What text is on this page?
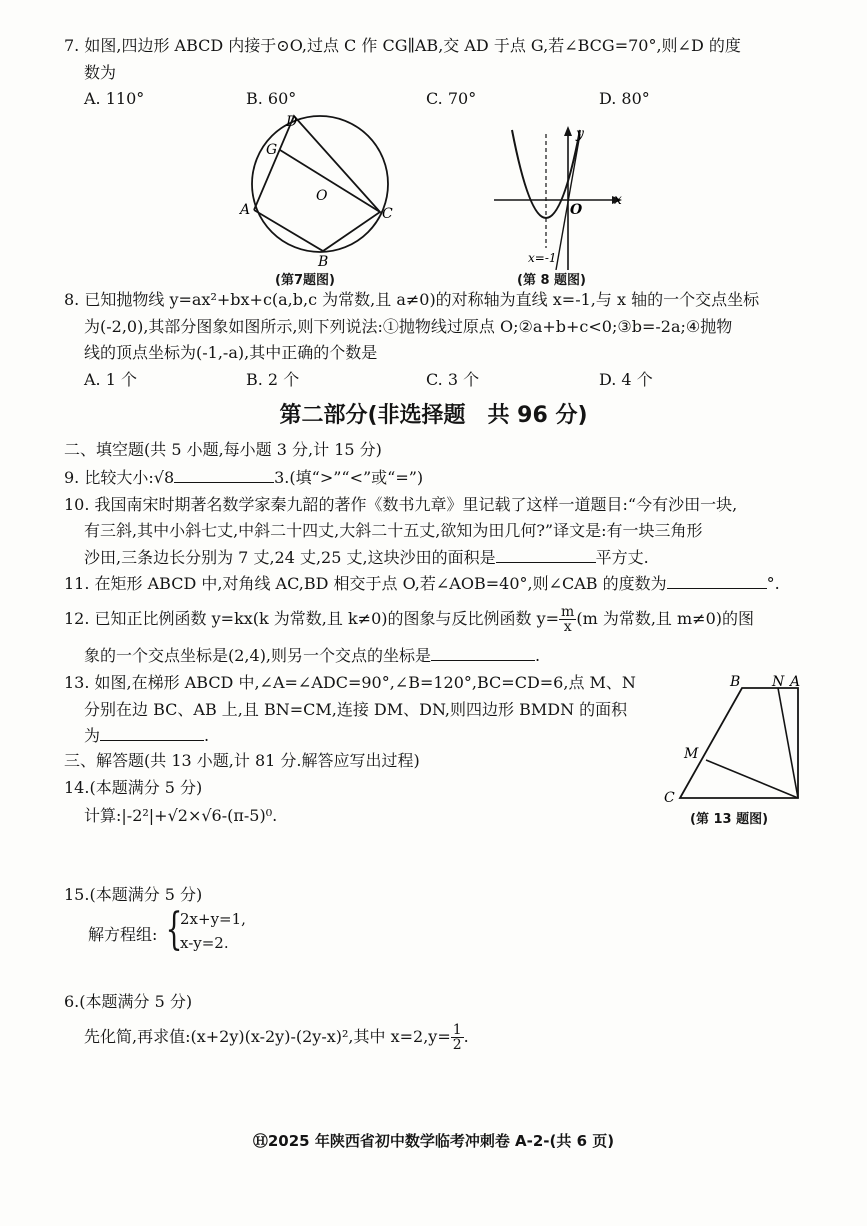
7. 如图,四边形 ABCD 内接于⊙O,过点 C 作 CG∥AB,交 AD 于点 G,若∠BCG=70°,则∠D 的度
数为
A. 110°	B. 60°	C. 70°	D. 80°
D
G
O
A	C
B
(第7题图)
y
x
O
x=-1
(第 8 题图)
8. 已知抛物线 y=ax²+bx+c(a,b,c 为常数,且 a≠0)的对称轴为直线 x=-1,与 x 轴的一个交点坐标
为(-2,0),其部分图象如图所示,则下列说法:①抛物线过原点 O;②a+b+c<0;③b=-2a;④抛物
线的顶点坐标为(-1,-a),其中正确的个数是
A. 1 个	B. 2 个	C. 3 个	D. 4 个
第二部分(非选择题　共 96 分)
二、填空题(共 5 小题,每小题 3 分,计 15 分)
9. 比较大小:√8	3.(填“>”“<”或“=”)
10. 我国南宋时期著名数学家秦九韶的著作《数书九章》里记载了这样一道题目:“今有沙田一块,
有三斜,其中小斜七丈,中斜二十四丈,大斜二十五丈,欲知为田几何?”译文是:有一块三角形
沙田,三条边长分别为 7 丈,24 丈,25 丈,这块沙田的面积是	平方丈.
11. 在矩形 ABCD 中,对角线 AC,BD 相交于点 O,若∠AOB=40°,则∠CAB 的度数为	°.
12. 已知正比例函数 y=kx(k 为常数,且 k≠0)的图象与反比例函数 $y= \frac{m}{x} (m$ 为常数,且 m≠0)的图
象的一个交点坐标是(2,4),则另一个交点的坐标是	.
13. 如图,在梯形 ABCD 中,∠A=∠ADC=90°,∠B=120°,BC=CD=6,点 M、N
分别在边 BC、AB 上,且 BN=CM,连接 DM、DN,则四边形 BMDN 的面积
为	.
B N A
M
C
(第 13 题图)
三、解答题(共 13 小题,计 81 分.解答应写出过程)
14.(本题满分 5 分)
计算:|-2²|+√2×√6-(π-5)⁰.
15.(本题满分 5 分)
解方程组: {
2x+y=1,
x-y=2.
6.(本题满分 5 分)
先化简,再求值:(x+2y)(x-2y)-(2y-x)²,其中 $x=2,y= \frac{1}{2}$ .
Ⓗ2025 年陕西省初中数学临考冲刺卷 A-2-(共 6 页)
